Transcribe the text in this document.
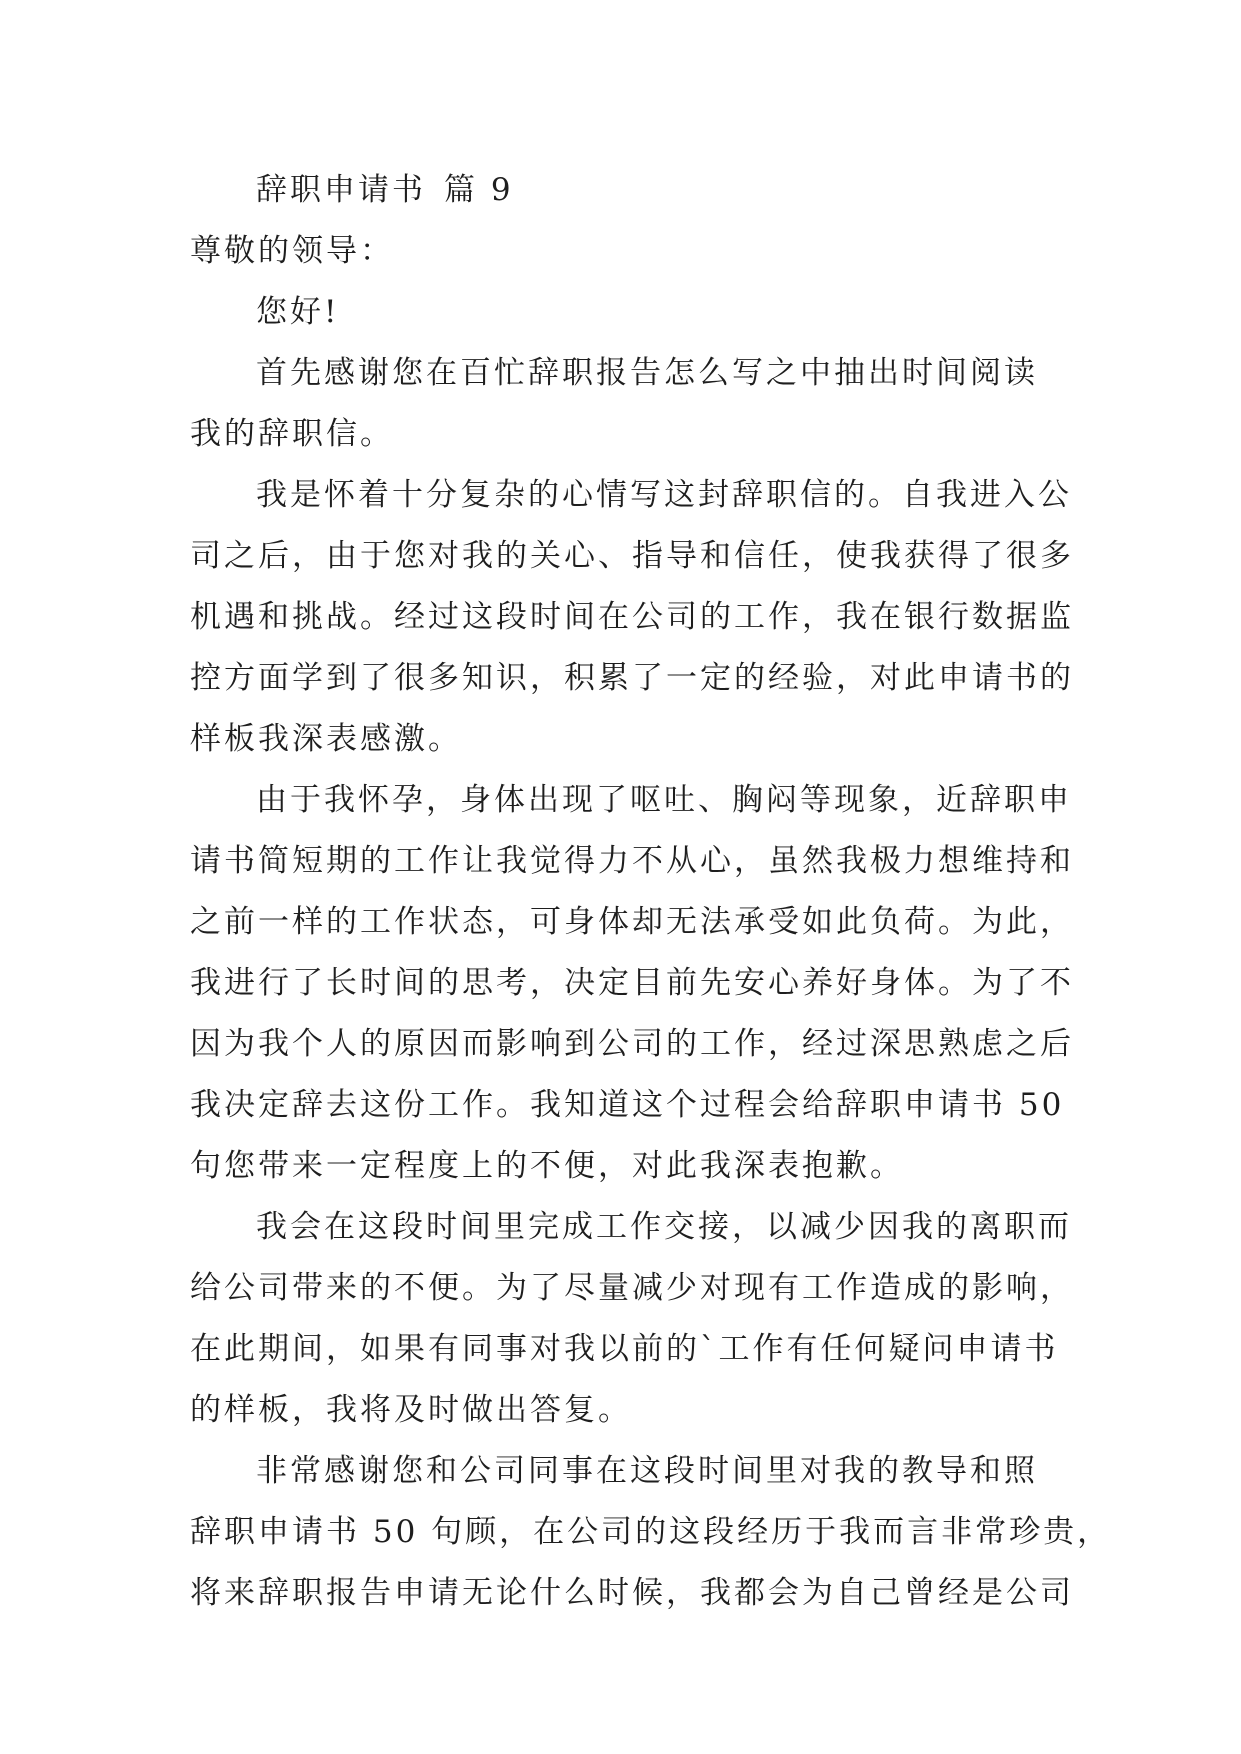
辞职申请书 篇 9
尊敬的领导：
您好!
首先感谢您在百忙辞职报告怎么写之中抽出时间阅读
我的辞职信。
我是怀着十分复杂的心情写这封辞职信的。自我进入公
司之后，由于您对我的关心、指导和信任，使我获得了很多
机遇和挑战。经过这段时间在公司的工作，我在银行数据监
控方面学到了很多知识，积累了一定的经验，对此申请书的
样板我深表感激。
由于我怀孕，身体出现了呕吐、胸闷等现象，近辞职申
请书简短期的工作让我觉得力不从心，虽然我极力想维持和
之前一样的工作状态，可身体却无法承受如此负荷。为此，
我进行了长时间的思考，决定目前先安心养好身体。为了不
因为我个人的原因而影响到公司的工作，经过深思熟虑之后
我决定辞去这份工作。我知道这个过程会给辞职申请书 50
句您带来一定程度上的不便，对此我深表抱歉。
我会在这段时间里完成工作交接，以减少因我的离职而
给公司带来的不便。为了尽量减少对现有工作造成的影响，
在此期间，如果有同事对我以前的`工作有任何疑问申请书
的样板，我将及时做出答复。
非常感谢您和公司同事在这段时间里对我的教导和照
辞职申请书 50 句顾，在公司的这段经历于我而言非常珍贵，
将来辞职报告申请无论什么时候，我都会为自己曾经是公司
